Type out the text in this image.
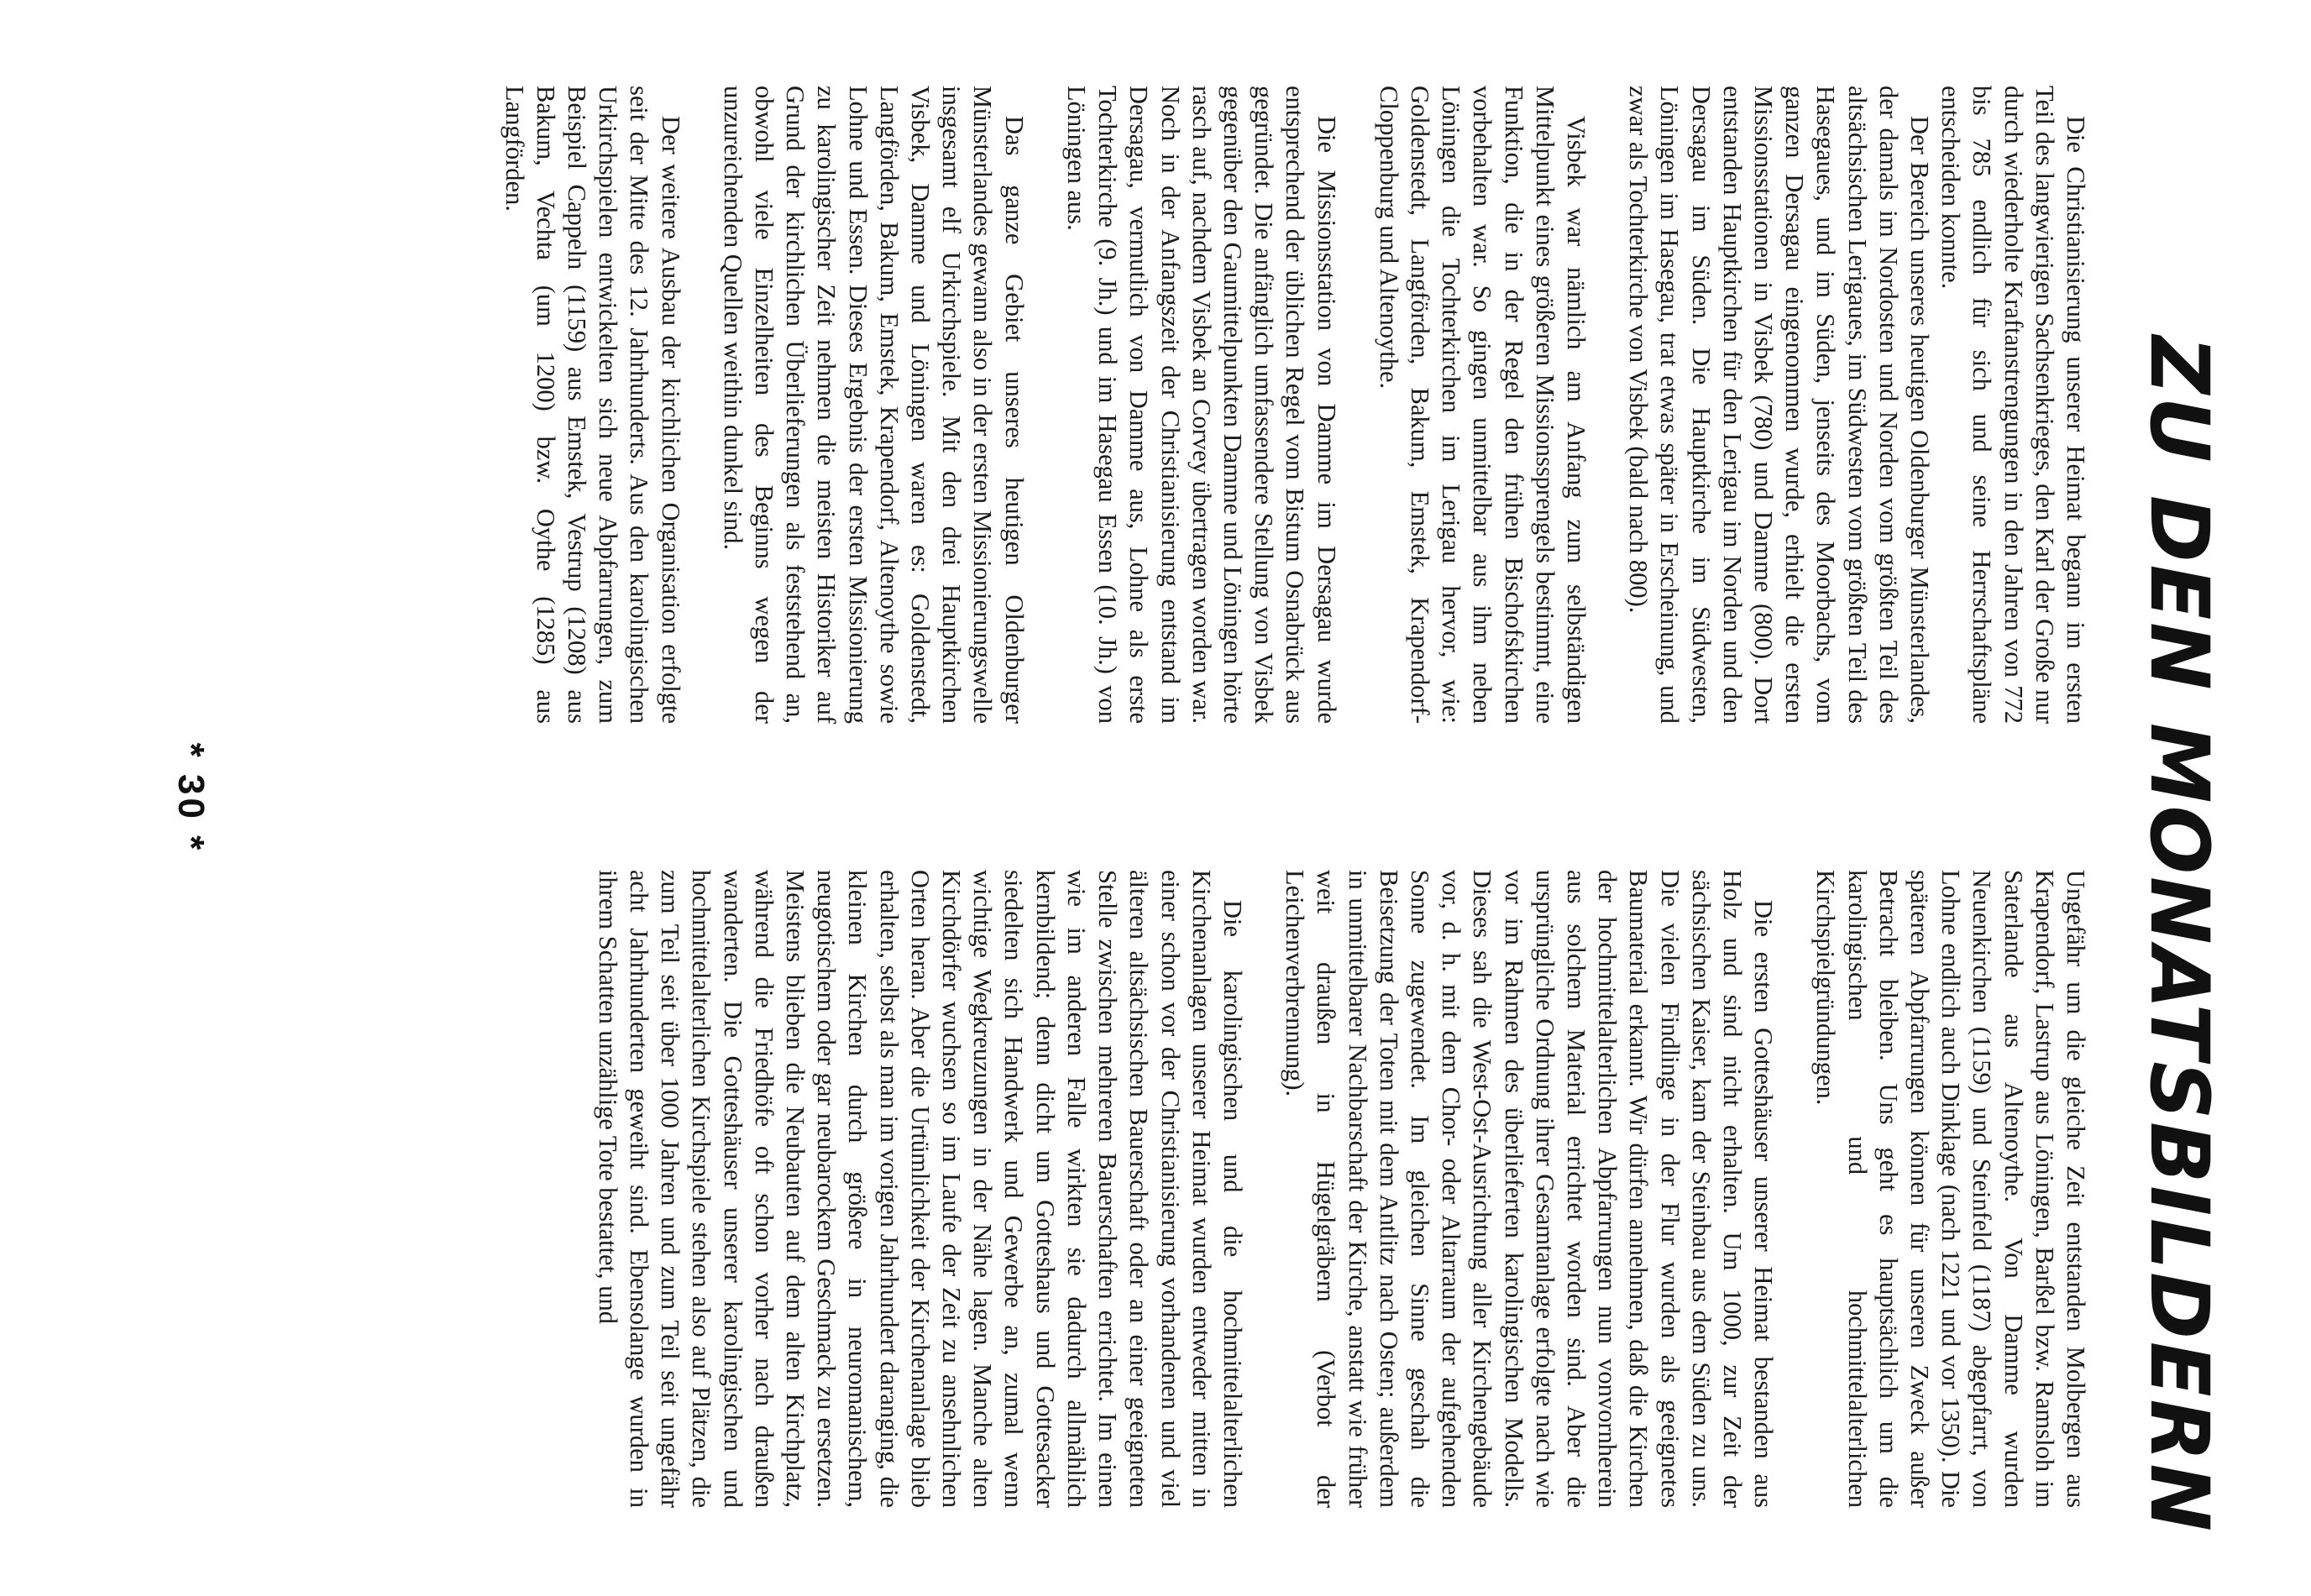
ZU DEN MONATSBILDERN

Die Christianisierung unserer Heimat begann im ersten Teil des langwierigen Sachsenkrieges, den Karl der Große nur durch wiederholte Kraftanstrengungen in den Jahren von 772 bis 785 endlich für sich und seine Herrschaftspläne entscheiden konnte.

Der Bereich unseres heutigen Oldenburger Münsterlandes, der damals im Nordosten und Norden vom größten Teil des altsächsischen Lerigaues, im Südwesten vom größten Teil des Hasegaues, und im Süden, jenseits des Moorbachs, vom ganzen Dersagau eingenommen wurde, erhielt die ersten Missionsstationen in Visbek (780) und Damme (800). Dort entstanden Hauptkirchen für den Lerigau im Norden und den Dersagau im Süden. Die Hauptkirche im Südwesten, Löningen im Hasegau, trat etwas später in Erscheinung, und zwar als Tochterkirche von Visbek (bald nach 800).

Visbek war nämlich am Anfang zum selbständigen Mittelpunkt eines größeren Missionssprengels bestimmt, eine Funktion, die in der Regel den frühen Bischofskirchen vorbehalten war. So gingen unmittelbar aus ihm neben Löningen die Tochterkirchen im Lerigau hervor, wie: Goldenstedt, Langförden, Bakum, Emstek, Krapendorf-Cloppenburg und Altenoythe.

Die Missionsstation von Damme im Dersagau wurde entsprechend der üblichen Regel vom Bistum Osnabrück aus gegründet. Die anfänglich umfassendere Stellung von Visbek gegenüber den Gaumittelpunkten Damme und Löningen hörte rasch auf, nachdem Visbek an Corvey übertragen worden war. Noch in der Anfangszeit der Christianisierung entstand im Dersagau, vermutlich von Damme aus, Lohne als erste Tochterkirche (9. Jh.) und im Hasegau Essen (10. Jh.) von Löningen aus.

Das ganze Gebiet unseres heutigen Oldenburger Münsterlandes gewann also in der ersten Missionierungswelle insgesamt elf Urkirchspiele. Mit den drei Hauptkirchen Visbek, Damme und Löningen waren es: Goldenstedt, Langförden, Bakum, Emstek, Krapendorf, Altenoythe sowie Lohne und Essen. Dieses Ergebnis der ersten Missionierung zu karolingischer Zeit nehmen die meisten Historiker auf Grund der kirchlichen Überlieferungen als feststehend an, obwohl viele Einzelheiten des Beginns wegen der unzureichenden Quellen weithin dunkel sind.

Der weitere Ausbau der kirchlichen Organisation erfolgte seit der Mitte des 12. Jahrhunderts. Aus den karolingischen Urkirchspielen entwickelten sich neue Abpfarrungen, zum Beispiel Cappeln (1159) aus Emstek, Vestrup (1208) aus Bakum, Vechta (um 1200) bzw. Oythe (1285) aus Langförden.

Ungefähr um die gleiche Zeit entstanden Molbergen aus Krapendorf, Lastrup aus Löningen, Barßel bzw. Ramsloh im Saterlande aus Altenoythe. Von Damme wurden Neuenkirchen (1159) und Steinfeld (1187) abgepfarrt, von Lohne endlich auch Dinklage (nach 1221 und vor 1350). Die späteren Abpfarrungen können für unseren Zweck außer Betracht bleiben. Uns geht es hauptsächlich um die karolingischen und hochmittelalterlichen Kirchspielgründungen.

Die ersten Gotteshäuser unserer Heimat bestanden aus Holz und sind nicht erhalten. Um 1000, zur Zeit der sächsischen Kaiser, kam der Steinbau aus dem Süden zu uns. Die vielen Findlinge in der Flur wurden als geeignetes Baumaterial erkannt. Wir dürfen annehmen, daß die Kirchen der hochmittelalterlichen Abpfarrungen nun vonvornherein aus solchem Material errichtet worden sind. Aber die ursprüngliche Ordnung ihrer Gesamtanlage erfolgte nach wie vor im Rahmen des überlieferten karolingischen Modells. Dieses sah die West-Ost-Ausrichtung aller Kirchengebäude vor, d. h. mit dem Chor- oder Altarraum der aufgehenden Sonne zugewendet. Im gleichen Sinne geschah die Beisetzung der Toten mit dem Antlitz nach Osten; außerdem in unmittelbarer Nachbarschaft der Kirche, anstatt wie früher weit draußen in Hügelgräbern (Verbot der Leichenverbrennung).

Die karolingischen und die hochmittelalterlichen Kirchenanlagen unserer Heimat wurden entweder mitten in einer schon vor der Christianisierung vorhandenen und viel älteren altsächsischen Bauerschaft oder an einer geeigneten Stelle zwischen mehreren Bauerschaften errichtet. Im einen wie im anderen Falle wirkten sie dadurch allmählich kernbildend; denn dicht um Gotteshaus und Gottesacker siedelten sich Handwerk und Gewerbe an, zumal wenn wichtige Wegkreuzungen in der Nähe lagen. Manche alten Kirchdörfer wuchsen so im Laufe der Zeit zu ansehnlichen Orten heran. Aber die Urtümlichkeit der Kirchenanlage blieb erhalten, selbst als man im vorigen Jahrhundert daranging, die kleinen Kirchen durch größere in neuromanischem, neugotischem oder gar neubarockem Geschmack zu ersetzen. Meistens blieben die Neubauten auf dem alten Kirchplatz, während die Friedhöfe oft schon vorher nach draußen wanderten. Die Gotteshäuser unserer karolingischen und hochmittelalterlichen Kirchspiele stehen also auf Plätzen, die zum Teil seit über 1000 Jahren und zum Teil seit ungefähr acht Jahrhunderten geweiht sind. Ebensolange wurden in ihrem Schatten unzählige Tote bestattet, und

* 30 *
